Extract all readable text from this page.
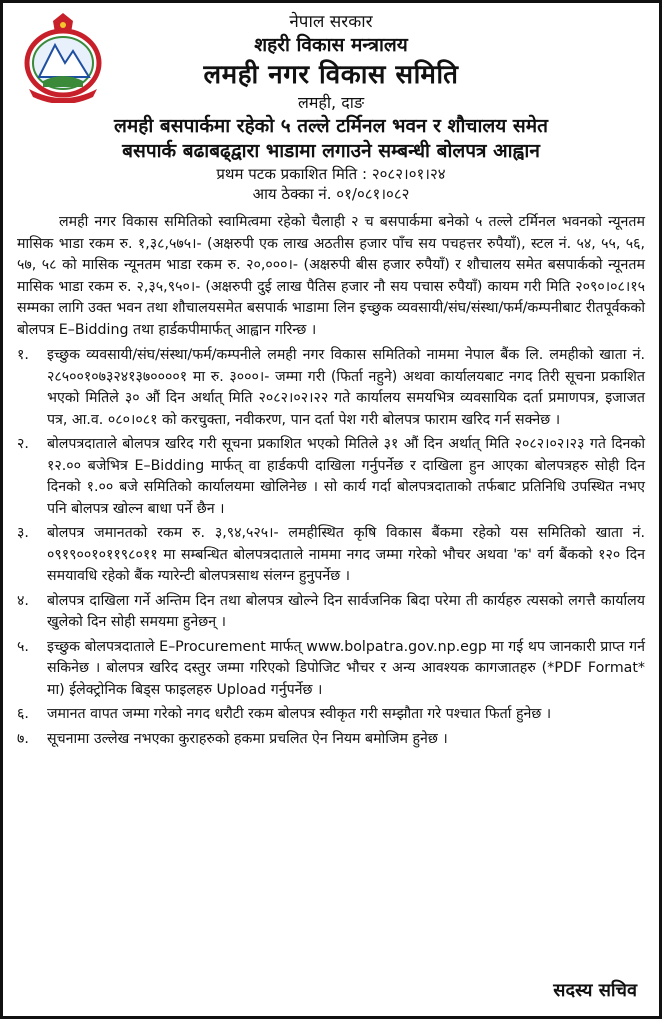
नेपाल सरकार
शहरी विकास मन्त्रालय
लमही नगर विकास समिति
लमही, दाङ
लमही बसपार्कमा रहेको ५ तल्ले टर्मिनल भवन र शौचालय समेत
बसपार्क बढाबढ्द्वारा भाडामा लगाउने सम्बन्धी बोलपत्र आह्वान
प्रथम पटक प्रकाशित मिति : २०८२।०१।२४
आय ठेक्का नं. ०१/०८१।०८२

लमही नगर विकास समितिको स्वामित्वमा रहेको चैलाही २ च बसपार्कमा बनेको ५ तल्ले टर्मिनल भवनको न्यूनतम मासिक भाडा रकम रु. १,३८,५७५।- (अक्षरुपी एक लाख अठतीस हजार पाँच सय पचहत्तर रुपैयाँ), स्टल नं. ५४, ५५, ५६, ५७, ५८ को मासिक न्यूनतम भाडा रकम रु. २०,०००।- (अक्षरुपी बीस हजार रुपैयाँ) र शौचालय समेत बसपार्कको न्यूनतम मासिक भाडा रकम रु. २,३५,९५०।- (अक्षरुपी दुई लाख पैतिस हजार नौ सय पचास रुपैयाँ) कायम गरी मिति २०९०।०८।१५ सम्मका लागि उक्त भवन तथा शौचालयसमेत बसपार्क भाडामा लिन इच्छुक व्यवसायी/संघ/संस्था/फर्म/कम्पनीबाट रीतपूर्वकको बोलपत्र E–Bidding तथा हार्डकपीमार्फत् आह्वान गरिन्छ ।

१.	इच्छुक व्यवसायी/संघ/संस्था/फर्म/कम्पनीले लमही नगर विकास समितिको नाममा नेपाल बैंक लि. लमहीको खाता नं. २८५००१०७३२४१३७००००१ मा रु. ३०००।- जम्मा गरी (फिर्ता नहुने) अथवा कार्यालयबाट नगद तिरी सूचना प्रकाशित भएको मितिले ३० औं दिन अर्थात् मिति २०८२।०२।२२ गते कार्यालय समयभित्र व्यवसायिक दर्ता प्रमाणपत्र, इजाजत पत्र, आ.व. ०८०।०८१ को करचुक्ता, नवीकरण, पान दर्ता पेश गरी बोलपत्र फाराम खरिद गर्न सक्नेछ ।
२.	बोलपत्रदाताले बोलपत्र खरिद गरी सूचना प्रकाशित भएको मितिले ३१ औं दिन अर्थात् मिति २०८२।०२।२३ गते दिनको १२.०० बजेभित्र E–Bidding मार्फत् वा हार्डकपी दाखिला गर्नुपर्नेछ र दाखिला हुन आएका बोलपत्रहरु सोही दिन दिनको १.०० बजे समितिको कार्यालयमा खोलिनेछ । सो कार्य गर्दा बोलपत्रदाताको तर्फबाट प्रतिनिधि उपस्थित नभए पनि बोलपत्र खोल्न बाधा पर्ने छैन ।
३.	बोलपत्र जमानतको रकम रु. ३,९४,५२५।- लमहीस्थित कृषि विकास बैंकमा रहेको यस समितिको खाता नं. ०९१९००१०११९८०११ मा सम्बन्धित बोलपत्रदाताले नाममा नगद जम्मा गरेको भौचर अथवा 'क' वर्ग बैंकको १२० दिन समयावधि रहेको बैंक ग्यारेन्टी बोलपत्रसाथ संलग्न हुनुपर्नेछ ।
४.	बोलपत्र दाखिला गर्ने अन्तिम दिन तथा बोलपत्र खोल्ने दिन सार्वजनिक बिदा परेमा ती कार्यहरु त्यसको लगत्तै कार्यालय खुलेको दिन सोही समयमा हुनेछन् ।
५.	इच्छुक बोलपत्रदाताले E–Procurement मार्फत् www.bolpatra.gov.np.egp मा गई थप जानकारी प्राप्त गर्न सकिनेछ । बोलपत्र खरिद दस्तुर जम्मा गरिएको डिपोजिट भौचर र अन्य आवश्यक कागजातहरु (*PDF Format* मा) ईलेक्ट्रोनिक बिड्स फाइलहरु Upload गर्नुपर्नेछ ।
६.	जमानत वापत जम्मा गरेको नगद धरौटी रकम बोलपत्र स्वीकृत गरी सम्झौता गरे पश्चात फिर्ता हुनेछ ।
७.	सूचनामा उल्लेख नभएका कुराहरुको हकमा प्रचलित ऐन नियम बमोजिम हुनेछ ।
सदस्य सचिव
